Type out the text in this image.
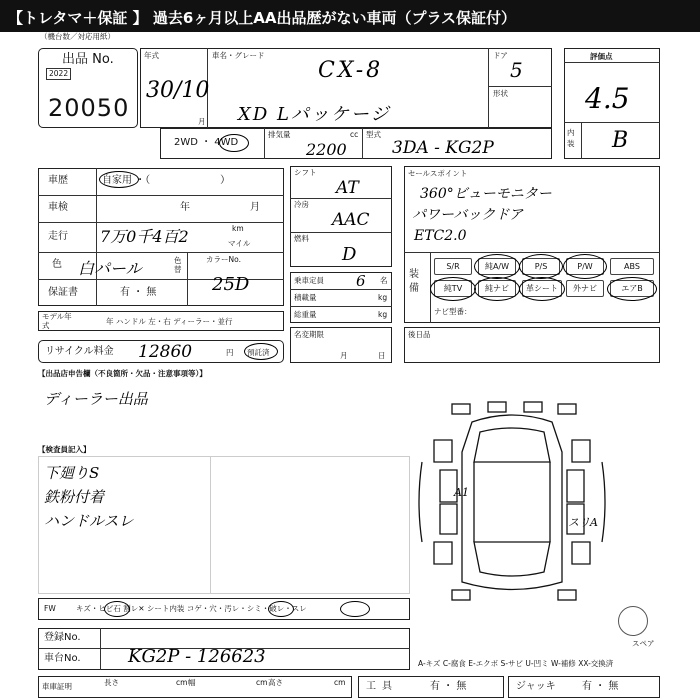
【トレタマ＋保証 】 過去6ヶ月以上AA出品歴がない車両（プラス保証付）
（機台数／対応用紙）
出品 No.
2022
20050
年式
30/10
月
車名・グレード
CX-8
XD Lパッケージ
ドア
5
形状
評価点
4.5
内装 B
2WD ・ 4WD
排気量	cc
2200
型式
3DA - KG2P
車歴	自家用 ・（　　　　　　　）
車検	年	月
走行 7万0千4百2	km
マイル
色 白パール	色替
カラーNo.
25D
保証書	有 ・ 無
モデル年式	年 ハンドル 左・右 ディーラー・並行
リサイクル料金 12860	円 預託済
シフト
AT
冷房
AAC
燃料
D
乗車定員 6 名
積載量	kg
総重量	kg
名変期限
月	日
セールスポイント
360°ビューモニター
パワーバックドア
ETC2.0
装備
S/R	純A/W	P/S	P/W	ABS
純TV	純ナビ	革シート	外ナビ	エアB
ナビ型番：
後日品
【出品店申告欄（不良箇所・欠品・注意事項等）】
ディーラー出品
【検査員記入】
下廻りS
鉄粉付着
ハンドルスレ
A1
スリA
スペア
FW	キズ・ヒビ石 割レ✕ シート内装 コゲ・穴・汚レ・シミ・破レ・スレ
登録No.
車台No.	KG2P - 126623	A-キズ C-腐食 E-エクボ S-サビ U-凹ミ W-補修 XX-交換済
車庫証明	長さ	cm 幅	cm 高さ	cm 工具	有 ・ 無	ジャッキ	有 ・ 無
